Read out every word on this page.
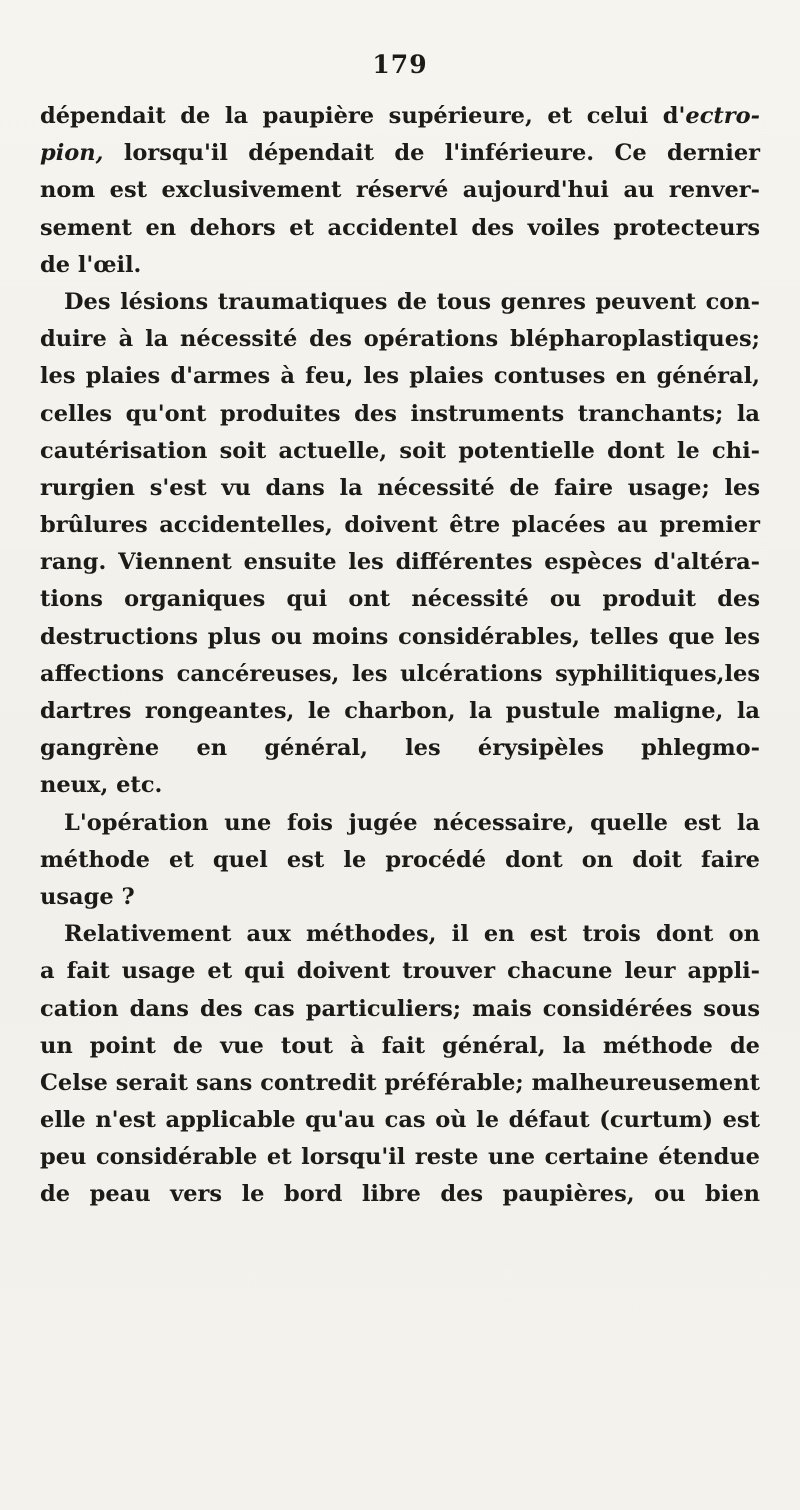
179
dépendait de la paupière supérieure, et celui d'ectro-
pion, lorsqu'il dépendait de l'inférieure. Ce dernier
nom est exclusivement réservé aujourd'hui au renver-
sement en dehors et accidentel des voiles protecteurs
de l'œil.
Des lésions traumatiques de tous genres peuvent con-
duire à la nécessité des opérations blépharoplastiques;
les plaies d'armes à feu, les plaies contuses en général,
celles qu'ont produites des instruments tranchants; la
cautérisation soit actuelle, soit potentielle dont le chi-
rurgien s'est vu dans la nécessité de faire usage; les
brûlures accidentelles, doivent être placées au premier
rang. Viennent ensuite les différentes espèces d'altéra-
tions organiques qui ont nécessité ou produit des
destructions plus ou moins considérables, telles que les
affections cancéreuses, les ulcérations syphilitiques,les
dartres rongeantes, le charbon, la pustule maligne, la
gangrène en général, les érysipèles phlegmo-
neux, etc.
L'opération une fois jugée nécessaire, quelle est la
méthode et quel est le procédé dont on doit faire
usage ?
Relativement aux méthodes, il en est trois dont on
a fait usage et qui doivent trouver chacune leur appli-
cation dans des cas particuliers; mais considérées sous
un point de vue tout à fait général, la méthode de
Celse serait sans contredit préférable; malheureusement
elle n'est applicable qu'au cas où le défaut (curtum) est
peu considérable et lorsqu'il reste une certaine étendue
de peau vers le bord libre des paupières, ou bien
